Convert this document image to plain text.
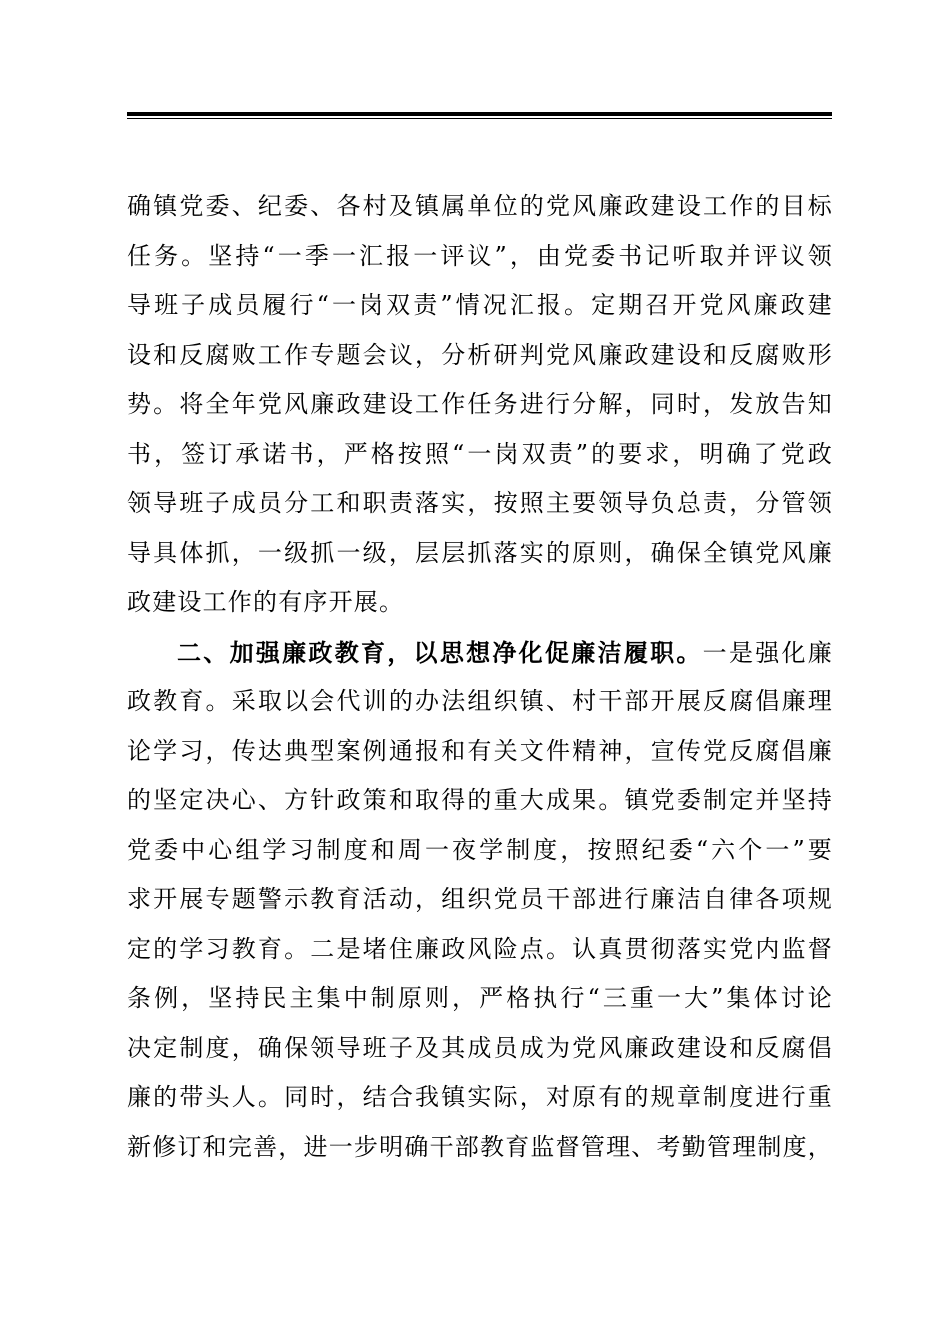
确镇党委、纪委、各村及镇属单位的党风廉政建设工作的目标
任务。坚持“一季一汇报一评议”，由党委书记听取并评议领
导班子成员履行“一岗双责”情况汇报。定期召开党风廉政建
设和反腐败工作专题会议，分析研判党风廉政建设和反腐败形
势。将全年党风廉政建设工作任务进行分解，同时，发放告知
书，签订承诺书，严格按照“一岗双责”的要求，明确了党政
领导班子成员分工和职责落实，按照主要领导负总责，分管领
导具体抓，一级抓一级，层层抓落实的原则，确保全镇党风廉
政建设工作的有序开展。
二、加强廉政教育，以思想净化促廉洁履职。一是强化廉
政教育。采取以会代训的办法组织镇、村干部开展反腐倡廉理
论学习，传达典型案例通报和有关文件精神，宣传党反腐倡廉
的坚定决心、方针政策和取得的重大成果。镇党委制定并坚持
党委中心组学习制度和周一夜学制度，按照纪委“六个一”要
求开展专题警示教育活动，组织党员干部进行廉洁自律各项规
定的学习教育。二是堵住廉政风险点。认真贯彻落实党内监督
条例，坚持民主集中制原则，严格执行“三重一大”集体讨论
决定制度，确保领导班子及其成员成为党风廉政建设和反腐倡
廉的带头人。同时，结合我镇实际，对原有的规章制度进行重
新修订和完善，进一步明确干部教育监督管理、考勤管理制度，
